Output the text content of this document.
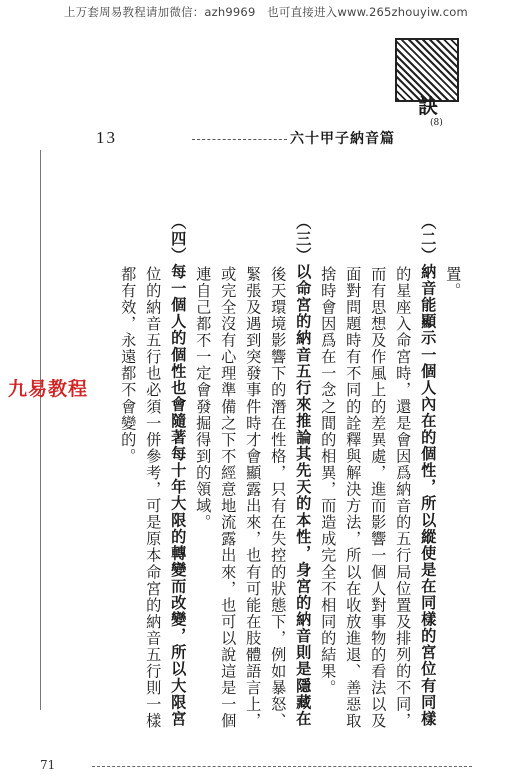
上万套周易教程请加微信：azh9969　也可直接进入www.265zhouyiw.com
訣
(8)
13	六十甲子納音篇
九易教程
置。
（二）納音能顯示一個人內在的個性，所以縱使是在同樣的宮位有同樣
的星座入命宮時，還是會因爲納音的五行局位置及排列的不同，
而有思想及作風上的差異處，進而影響一個人對事物的看法以及
面對問題時有不同的詮釋與解決方法，所以在收放進退、善惡取
捨時會因爲在一念之間的相異，而造成完全不相同的結果。
（三）以命宮的納音五行來推論其先天的本性，身宮的納音則是隱藏在
後天環境影響下的潛在性格，只有在失控的狀態下，例如暴怒、
緊張及遇到突發事件時才會顯露出來，也有可能在肢體語言上，
或完全沒有心理準備之下不經意地流露出來，也可以說這是一個
連自己都不一定會發掘得到的領域。
（四）每一個人的個性也會隨著每十年大限的轉變而改變，所以大限宮
位的納音五行也必須一併參考，可是原本命宮的納音五行則一樣
都有效，永遠都不會變的。
71
